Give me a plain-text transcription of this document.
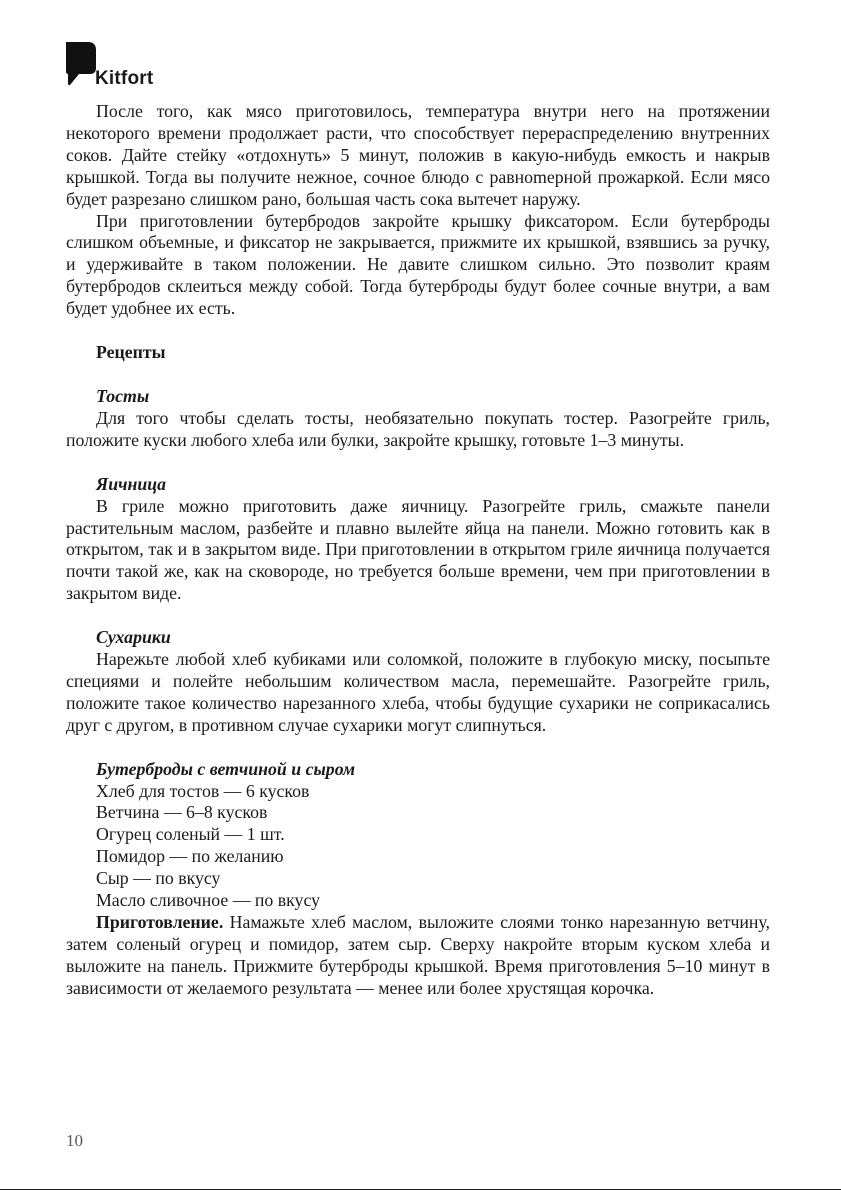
Kitfort

После того, как мясо приготовилось, температура внутри него на протяжении некоторого времени продолжает расти, что способствует перераспределению внутренних соков. Дайте стейку «отдохнуть» 5 минут, положив в какую-нибудь емкость и накрыв крышкой. Тогда вы получите нежное, сочное блюдо с равноmерной прожаркой. Если мясо будет разрезано слишком рано, большая часть сока вытечет наружу.

При приготовлении бутербродов закройте крышку фиксатором. Если бутерброды слишком объемные, и фиксатор не закрывается, прижмите их крышкой, взявшись за ручку, и удерживайте в таком положении. Не давите слишком сильно. Это позволит краям бутербродов склеиться между собой. Тогда бутерброды будут более сочные внутри, а вам будет удобнее их есть.

Рецепты

Тосты

Для того чтобы сделать тосты, необязательно покупать тостер. Разогрейте гриль, положите куски любого хлеба или булки, закройте крышку, готовьте 1–3 минуты.

Яичница

В гриле можно приготовить даже яичницу. Разогрейте гриль, смажьте панели растительным маслом, разбейте и плавно вылейте яйца на панели. Можно готовить как в открытом, так и в закрытом виде. При приготовлении в открытом гриле яичница получается почти такой же, как на сковороде, но требуется больше времени, чем при приготовлении в закрытом виде.

Сухарики

Нарежьте любой хлеб кубиками или соломкой, положите в глубокую миску, посыпьте специями и полейте небольшим количеством масла, перемешайте. Разогрейте гриль, положите такое количество нарезанного хлеба, чтобы будущие сухарики не соприкасались друг с другом, в противном случае сухарики могут слипнуться.

Бутерброды с ветчиной и сыром

Хлеб для тостов — 6 кусков

Ветчина — 6–8 кусков

Огурец соленый — 1 шт.

Помидор — по желанию

Сыр — по вкусу

Масло сливочное — по вкусу

Приготовление. Намажьте хлеб маслом, выложите слоями тонко нарезанную ветчину, затем соленый огурец и помидор, затем сыр. Сверху накройте вторым куском хлеба и выложите на панель. Прижмите бутерброды крышкой. Время приготовления 5–10 минут в зависимости от желаемого результата — менее или более хрустящая корочка.

10
